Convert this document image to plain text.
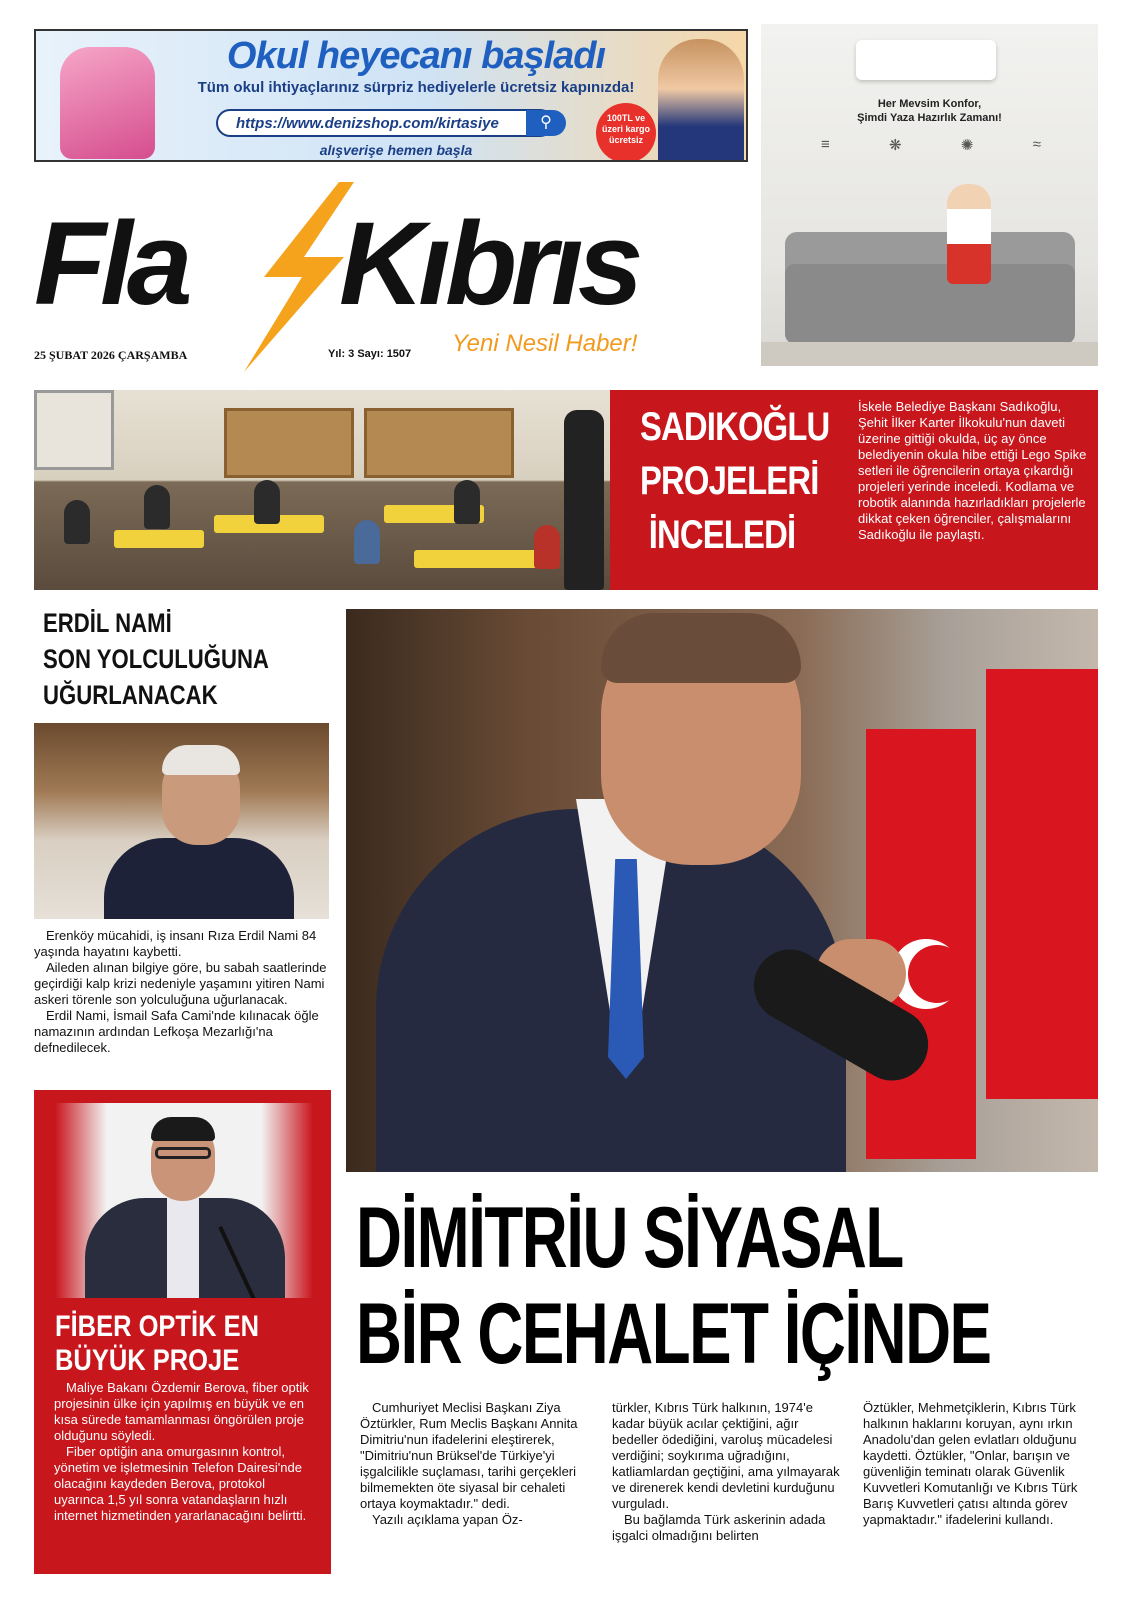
Okul heyecanı başladı
Tüm okul ihtiyaçlarınız sürpriz hediyelerle ücretsiz kapınızda!
https://www.denizshop.com/kirtasiye	⚲
alışverişe hemen başla
100TL ve üzeri kargo ücretsiz
Her Mevsim Konfor,
Şimdi Yaza Hazırlık Zamanı!
≡	❋	✺	≈
Fla Kıbrıs
Yeni Nesil Haber!
25 ŞUBAT 2026 ÇARŞAMBA	Yıl: 3 Sayı: 1507
SADIKOĞLU
PROJELERİ
İNCELEDİ
İskele Belediye Başkanı Sadıkoğlu, Şehit İlker Karter İlkokulu'nun daveti üzerine gittiği okulda, üç ay önce belediyenin okula hibe ettiği Lego Spike setleri ile öğrencilerin ortaya çıkardığı projeleri yerinde inceledi. Kodlama ve robotik alanında hazırladıkları projelerle dikkat çeken öğrenciler, çalışmalarını Sadıkoğlu ile paylaştı.
ERDİL NAMİ
SON YOLCULUĞUNA
UĞURLANACAK

Erenköy mücahidi, iş insanı Rıza Erdil Nami 84 yaşında hayatını kaybetti.

Aileden alınan bilgiye göre, bu sabah saatlerinde geçirdiği kalp krizi nedeniyle yaşamını yitiren Nami askeri törenle son yolculuğuna uğurlanacak.

Erdil Nami, İsmail Safa Cami'nde kılınacak öğle namazının ardından Lefkoşa Mezarlığı'na defnedilecek.

FİBER OPTİK EN
BÜYÜK PROJE

Maliye Bakanı Özdemir Berova, fiber optik projesinin ülke için yapılmış en büyük ve en kısa sürede tamamlanması öngörülen proje olduğunu söyledi.

Fiber optiğin ana omurgasının kontrol, yönetim ve işletmesinin Telefon Dairesi'nde olacağını kaydeden Berova, protokol uyarınca 1,5 yıl sonra vatandaşların hızlı internet hizmetinden yararlanacağını belirtti.

DİMİTRİU SİYASAL
BİR CEHALET İÇİNDE

Cumhuriyet Meclisi Başkanı Ziya Öztürkler, Rum Meclis Başkanı Annita Dimitriu'nun ifadelerini eleştirerek, "Dimitriu'nun Brüksel'de Türkiye'yi işgalcilikle suçlaması, tarihi gerçekleri bilmemekten öte siyasal bir cehaleti ortaya koymaktadır." dedi.

Yazılı açıklama yapan Öz-

türkler, Kıbrıs Türk halkının, 1974'e kadar büyük acılar çektiğini, ağır bedeller ödediğini, varoluş mücadelesi verdiğini; soykırıma uğradığını, katliamlardan geçtiğini, ama yılmayarak ve direnerek kendi devletini kurduğunu vurguladı.

Bu bağlamda Türk askerinin adada işgalci olmadığını belirten

Öztükler, Mehmetçiklerin, Kıbrıs Türk halkının haklarını koruyan, aynı ırkın Anadolu'dan gelen evlatları olduğunu kaydetti. Öztükler, "Onlar, barışın ve güvenliğin teminatı olarak Güvenlik Kuvvetleri Komutanlığı ve Kıbrıs Türk Barış Kuvvetleri çatısı altında görev yapmaktadır." ifadelerini kullandı.
